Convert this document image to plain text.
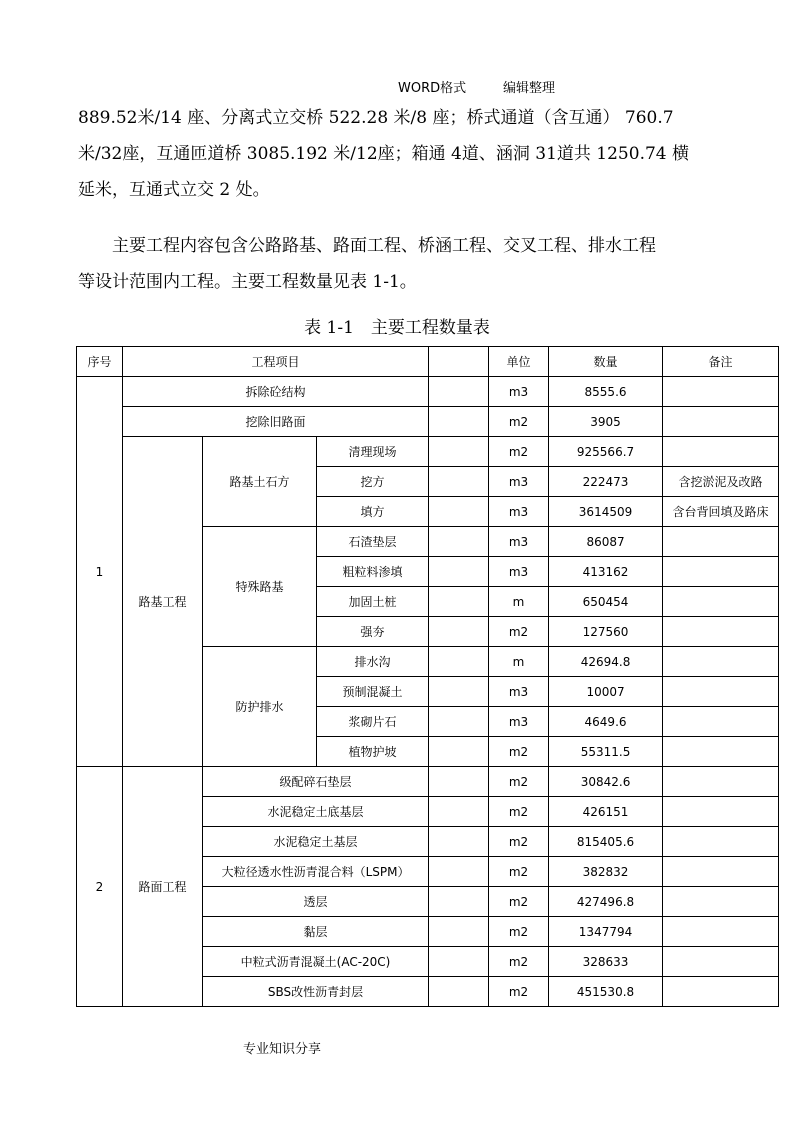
WORD格式	编辑整理
889.52米/14 座、分离式立交桥 522.28 米/8 座；桥式通道（含互通） 760.7
米/32座，互通匝道桥 3085.192 米/12座；箱通 4道、涵洞 31道共 1250.74 横
延米，互通式立交 2 处。
　　主要工程内容包含公路路基、路面工程、桥涵工程、交叉工程、排水工程
等设计范围内工程。主要工程数量见表 1-1。
表 1-1　主要工程数量表
序号	工程项目				单位	数量	备注
1	拆除砼结构				m3	8555.6	
	挖除旧路面				m2	3905	
	路基工程	路基土石方	清理现场		m2	925566.7	
			挖方		m3	222473	含挖淤泥及改路
			填方		m3	3614509	含台背回填及路床
		特殊路基	石渣垫层		m3	86087	
			粗粒料渗填		m3	413162	
			加固土桩		m	650454	
			强夯		m2	127560	
		防护排水	排水沟		m	42694.8	
			预制混凝土		m3	10007	
			浆砌片石		m3	4649.6	
			植物护坡		m2	55311.5	
2	路面工程	级配碎石垫层			m2	30842.6	
		水泥稳定土底基层			m2	426151	
		水泥稳定土基层			m2	815405.6	
		大粒径透水性沥青混合料（LSPM）			m2	382832	
		透层			m2	427496.8	
		黏层			m2	1347794	
		中粒式沥青混凝土(AC-20C)			m2	328633	
		SBS改性沥青封层			m2	451530.8	
专业知识分享
